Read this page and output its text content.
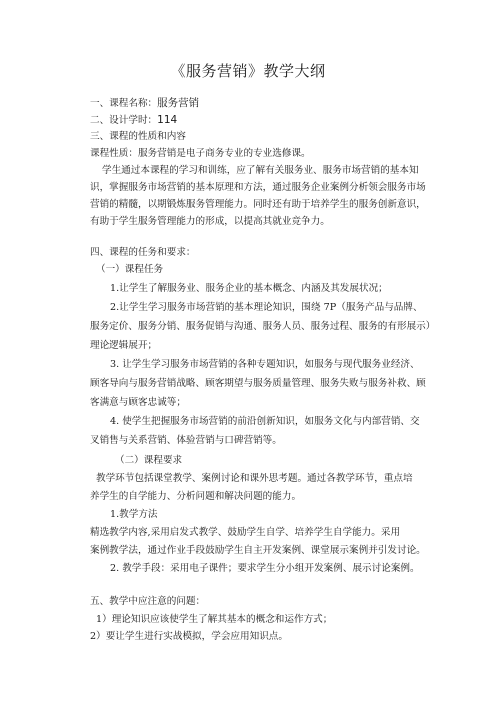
《服务营销》教学大纲
一、课程名称：服务营销
二、设计学时：114
三、课程的性质和内容
课程性质：服务营销是电子商务专业的专业选修课。
学生通过本课程的学习和训练，应了解有关服务业、服务市场营销的基本知
识，掌握服务市场营销的基本原理和方法，通过服务企业案例分析领会服务市场
营销的精髓，以期锻炼服务管理能力。同时还有助于培养学生的服务创新意识，
有助于学生服务管理能力的形成，以提高其就业竞争力。
四、课程的任务和要求：
（一）课程任务
1.让学生了解服务业、服务企业的基本概念、内涵及其发展状况；
2.让学生学习服务市场营销的基本理论知识，围绕 7P（服务产品与品牌、
服务定价、服务分销、服务促销与沟通、服务人员、服务过程、服务的有形展示）
理论逻辑展开；
3. 让学生学习服务市场营销的各种专题知识，如服务与现代服务业经济、
顾客导向与服务营销战略、顾客期望与服务质量管理、服务失败与服务补救、顾
客满意与顾客忠诚等；
4. 使学生把握服务市场营销的前沿创新知识，如服务文化与内部营销、交
叉销售与关系营销、体验营销与口碑营销等。
（二）课程要求
教学环节包括课堂教学、案例讨论和课外思考题。通过各教学环节，重点培
养学生的自学能力、分析问题和解决问题的能力。
1.教学方法
精选教学内容,采用启发式教学、鼓励学生自学、培养学生自学能力。采用
案例教学法，通过作业手段鼓励学生自主开发案例、课堂展示案例并引发讨论。
2. 教学手段：采用电子课件；要求学生分小组开发案例、展示讨论案例。
五、教学中应注意的问题：
1）理论知识应该使学生了解其基本的概念和运作方式；
2）要让学生进行实战模拟，学会应用知识点。
